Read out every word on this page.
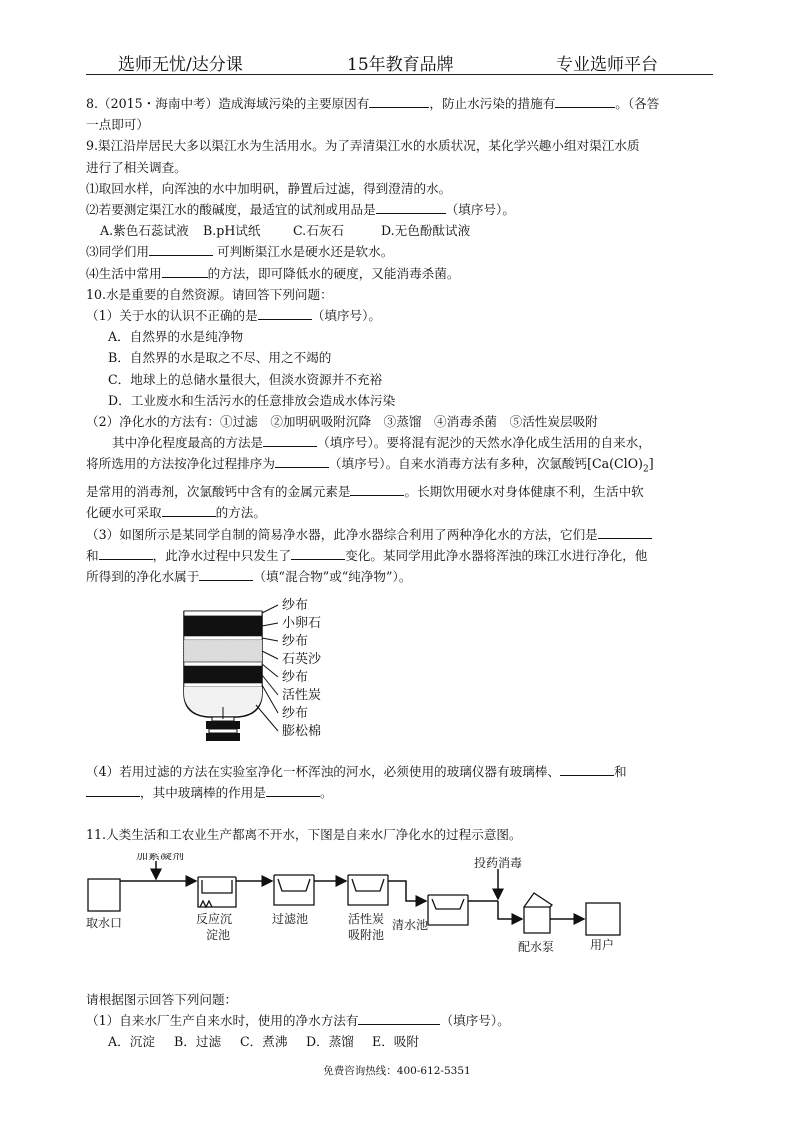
选师无忧/达分课	15年教育品牌	专业选师平台

8.（2015・海南中考）造成海域污染的主要原因有	，防止水污染的措施有	。（各答

一点即可）

9.渠江沿岸居民大多以渠江水为生活用水。为了弄清渠江水的水质状况，某化学兴趣小组对渠江水质

进行了相关调查。

⑴取回水样，向浑浊的水中加明矾，静置后过滤，得到澄清的水。

⑵若要测定渠江水的酸碱度，最适宜的试剂或用品是	（填序号）。

A.紫色石蕊试液 B.pH试纸	C.石灰石	D.无色酚酞试液

⑶同学们用	可判断渠江水是硬水还是软水。

⑷生活中常用	的方法，即可降低水的硬度，又能消毒杀菌。

10.水是重要的自然资源。请回答下列问题：

（1）关于水的认识不正确的是	（填序号）。

A．自然界的水是纯净物

B．自然界的水是取之不尽、用之不竭的

C．地球上的总储水量很大，但淡水资源并不充裕

D．工业废水和生活污水的任意排放会造成水体污染

（2）净化水的方法有：①过滤　②加明矾吸附沉降　③蒸馏　④消毒杀菌　⑤活性炭层吸附

其中净化程度最高的方法是	（填序号）。要将混有泥沙的天然水净化成生活用的自来水，

将所选用的方法按净化过程排序为	（填序号）。自来水消毒方法有多种，次氯酸钙$[Ca(ClO)_2]$

是常用的消毒剂，次氯酸钙中含有的金属元素是	。长期饮用硬水对身体健康不利，生活中软

化硬水可采取	的方法。

（3）如图所示是某同学自制的简易净水器，此净水器综合利用了两种净化水的方法，它们是

和	，此净水过程中只发生了	变化。某同学用此净水器将浑浊的珠江水进行净化，他

所得到的净化水属于	（填“混合物”或“纯净物”）。

纱布
小卵石
纱布
石英沙
纱布
活性炭
纱布
膨松棉

（4）若用过滤的方法在实验室净化一杯浑浊的河水，必须使用的玻璃仪器有玻璃棒、	和

，其中玻璃棒的作用是	。

11.人类生活和工农业生产都离不开水，下图是自来水厂净化水的过程示意图。

加絮凝剂
投药消毒
取水口	反应沉
淀池
过滤池	活性炭
吸附池
清水池
配水泵	用户

请根据图示回答下列问题：

（1）自来水厂生产自来水时，使用的净水方法有	（填序号）。

A．沉淀 B．过滤 C．煮沸 D．蒸馏 E．吸附

免费咨询热线：400-612-5351
